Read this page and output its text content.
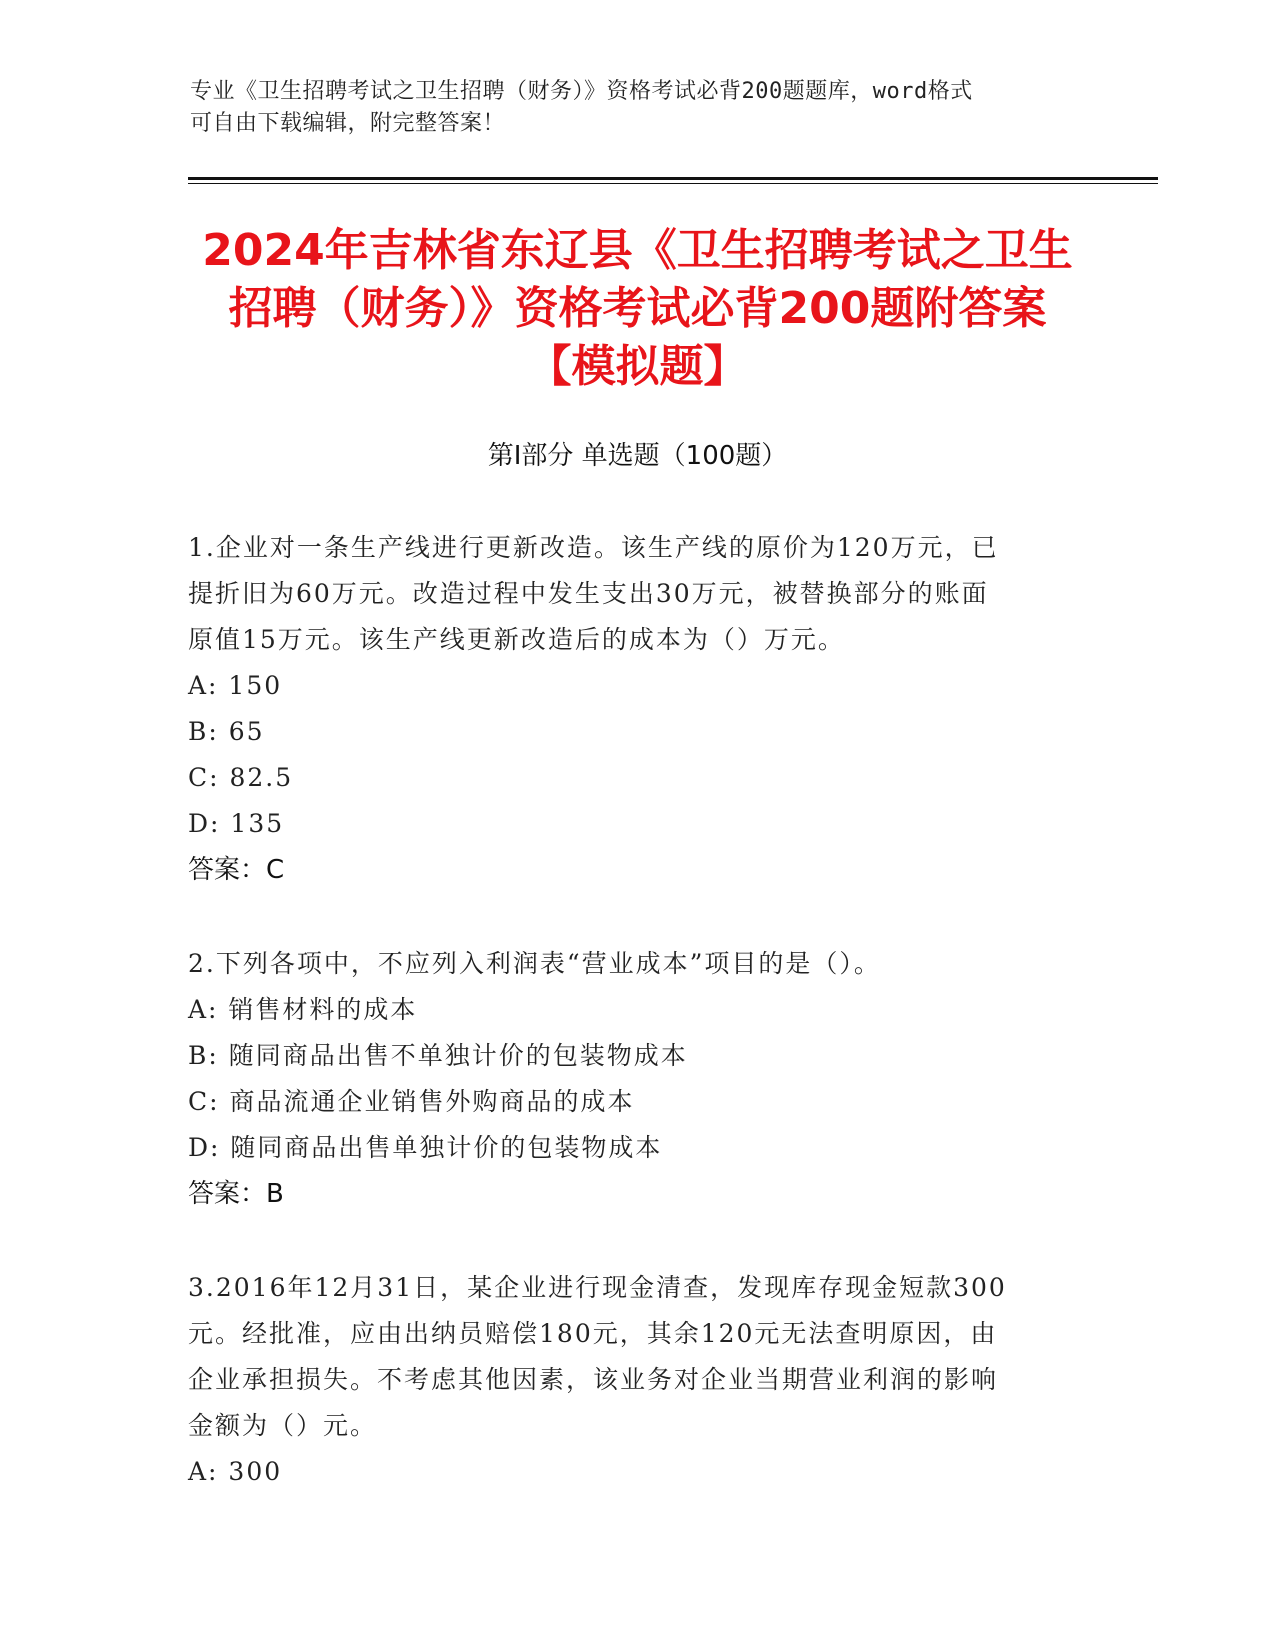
专业《卫生招聘考试之卫生招聘（财务）》资格考试必背200题题库，word格式
可自由下载编辑，附完整答案！
2024年吉林省东辽县《卫生招聘考试之卫生
招聘（财务）》资格考试必背200题附答案
【模拟题】
第I部分 单选题（100题）
1.企业对一条生产线进行更新改造。该生产线的原价为120万元，已
提折旧为60万元。改造过程中发生支出30万元，被替换部分的账面
原值15万元。该生产线更新改造后的成本为（）万元。
A: 150
B: 65
C: 82.5
D: 135
答案：C
2.下列各项中，不应列入利润表“营业成本”项目的是（）。
A: 销售材料的成本
B: 随同商品出售不单独计价的包装物成本
C: 商品流通企业销售外购商品的成本
D: 随同商品出售单独计价的包装物成本
答案：B
3.2016年12月31日，某企业进行现金清查，发现库存现金短款300
元。经批准，应由出纳员赔偿180元，其余120元无法查明原因，由
企业承担损失。不考虑其他因素，该业务对企业当期营业利润的影响
金额为（）元。
A: 300
